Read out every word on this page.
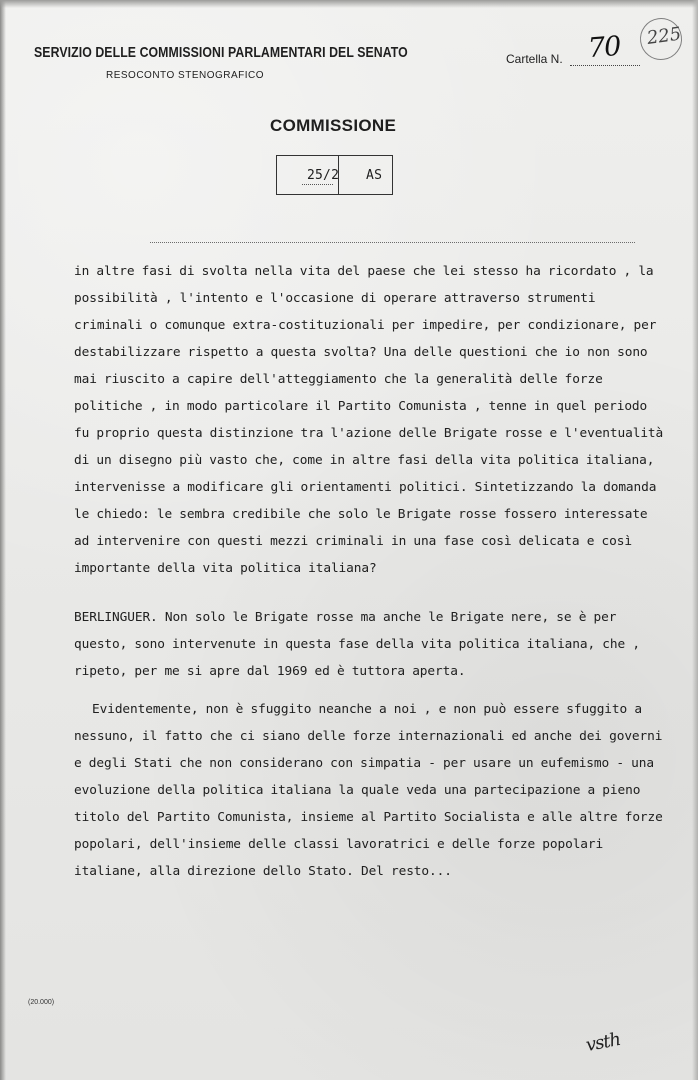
SERVIZIO DELLE COMMISSIONI PARLAMENTARI DEL SENATO
RESOCONTO STENOGRAFICO
Cartella N. 70 225
COMMISSIONE
25/2 AS

in altre fasi di svolta nella vita del paese che lei stesso ha ricordato , la possibilità , l'intento e l'occasione di operare attraverso strumenti criminali o comunque extra-costituzionali per impedire, per condizionare, per destabilizzare rispetto a questa svolta? Una delle questioni che io non sono mai riuscito a capire dell'atteggiamento che la generalità delle forze politiche , in modo particolare il Partito Comunista , tenne in quel periodo fu proprio questa distinzione tra l'azione delle Brigate rosse e l'eventualità di un disegno più vasto che, come in altre fasi della vita politica italiana, intervenisse a modificare gli orientamenti politici. Sintetizzando la domanda le chiedo: le sembra credibile che solo le Brigate rosse fossero interessate ad intervenire con questi mezzi criminali in una fase così delicata e così importante della vita politica italiana?

BERLINGUER. Non solo le Brigate rosse ma anche le Brigate nere, se è per questo, sono intervenute in questa fase della vita politica italiana, che , ripeto, per me si apre dal 1969 ed è tuttora aperta.

Evidentemente, non è sfuggito neanche a noi , e non può essere sfuggito a nessuno, il fatto che ci siano delle forze internazionali ed anche dei governi e degli Stati che non considerano con simpatia - per usare un eufemismo - una evoluzione della politica italiana la quale veda una partecipazione a pieno titolo del Partito Comunista, insieme al Partito Socialista e alle altre forze popolari, dell'insieme delle classi lavoratrici e delle forze popolari italiane, alla direzione dello Stato. Del resto...

(20.000)
vsth
